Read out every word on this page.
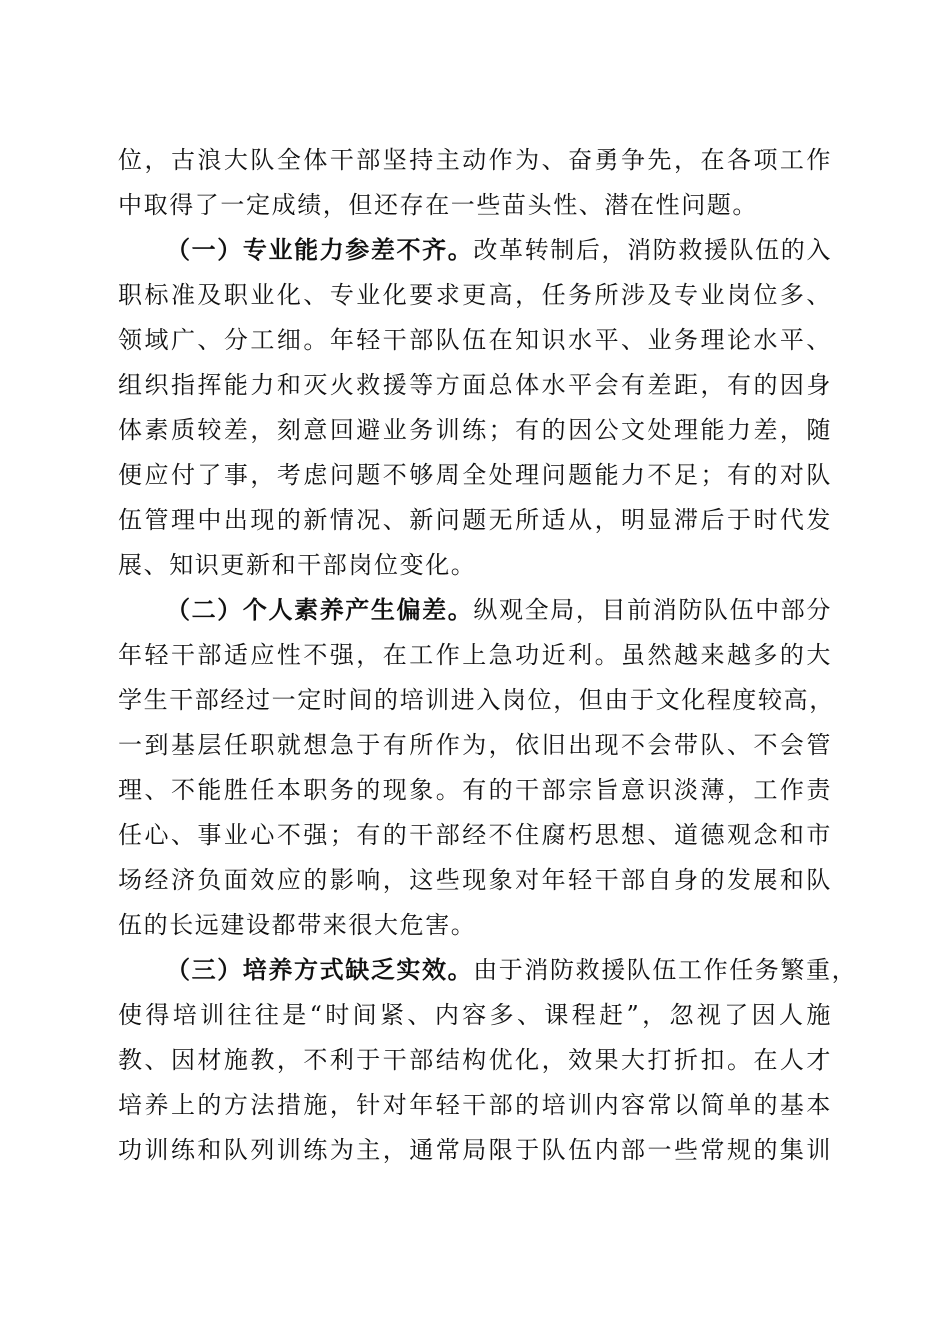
位，古浪大队全体干部坚持主动作为、奋勇争先，在各项工作
中取得了一定成绩，但还存在一些苗头性、潜在性问题。
（一）专业能力参差不齐。改革转制后，消防救援队伍的入
职标准及职业化、专业化要求更高，任务所涉及专业岗位多、
领域广、分工细。年轻干部队伍在知识水平、业务理论水平、
组织指挥能力和灭火救援等方面总体水平会有差距，有的因身
体素质较差，刻意回避业务训练；有的因公文处理能力差，随
便应付了事，考虑问题不够周全处理问题能力不足；有的对队
伍管理中出现的新情况、新问题无所适从，明显滞后于时代发
展、知识更新和干部岗位变化。
（二）个人素养产生偏差。纵观全局，目前消防队伍中部分
年轻干部适应性不强，在工作上急功近利。虽然越来越多的大
学生干部经过一定时间的培训进入岗位，但由于文化程度较高，
一到基层任职就想急于有所作为，依旧出现不会带队、不会管
理、不能胜任本职务的现象。有的干部宗旨意识淡薄，工作责
任心、事业心不强；有的干部经不住腐朽思想、道德观念和市
场经济负面效应的影响，这些现象对年轻干部自身的发展和队
伍的长远建设都带来很大危害。
（三）培养方式缺乏实效。由于消防救援队伍工作任务繁重，
使得培训往往是“时间紧、内容多、课程赶”，忽视了因人施
教、因材施教，不利于干部结构优化，效果大打折扣。在人才
培养上的方法措施，针对年轻干部的培训内容常以简单的基本
功训练和队列训练为主，通常局限于队伍内部一些常规的集训
